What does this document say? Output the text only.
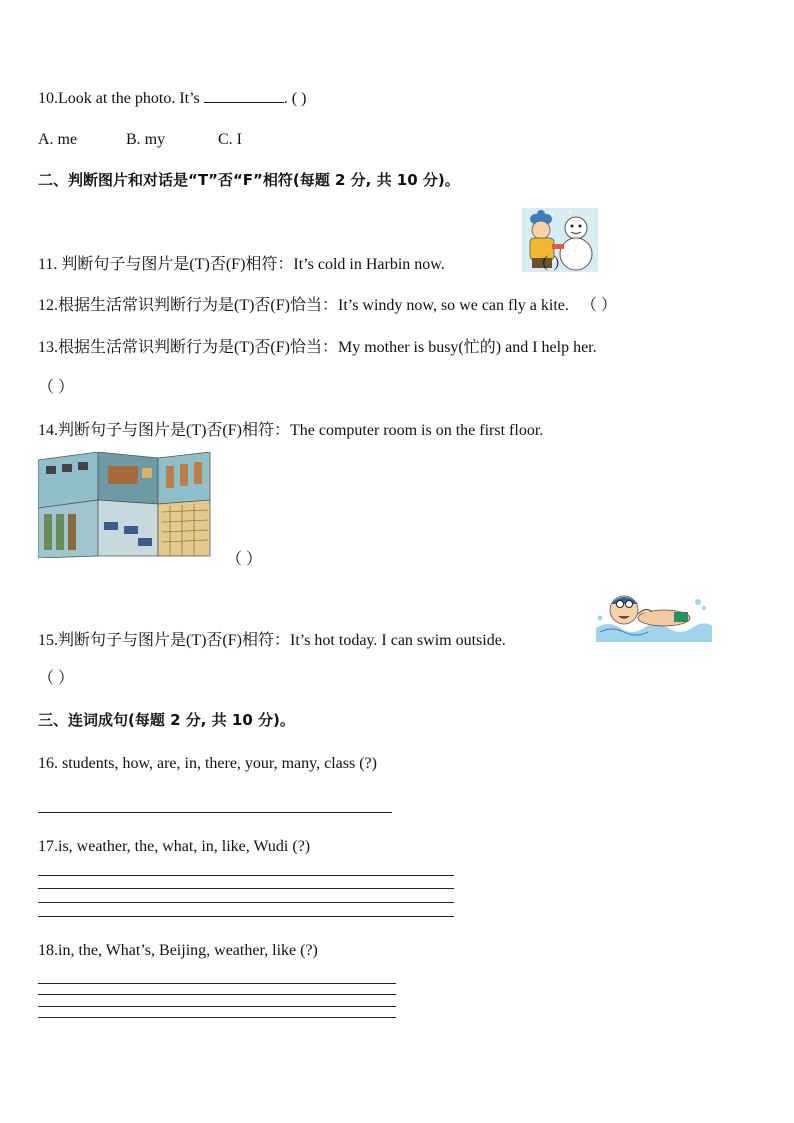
10.Look at the photo. It’s	. ( )
A. me	B. my	C. I
二、判断图片和对话是“T”否“F”相符(每题 2 分, 共 10 分)。
11. 判断句子与图片是(T)否(F)相符：It’s cold in Harbin now.	（ ）
12.根据生活常识判断行为是(T)否(F)恰当：It’s windy now, so we can fly a kite. （ ）
13.根据生活常识判断行为是(T)否(F)恰当：My mother is busy(忙的) and I help her.
（ ）
14.判断句子与图片是(T)否(F)相符：The computer room is on the first floor.
（ ）
15.判断句子与图片是(T)否(F)相符：It’s hot today. I can swim outside.
（ ）
三、连词成句(每题 2 分, 共 10 分)。
16. students, how, are, in, there, your, many, class (?)
17.is, weather, the, what, in, like, Wudi (?)
18.in, the, What’s, Beijing, weather, like (?)
